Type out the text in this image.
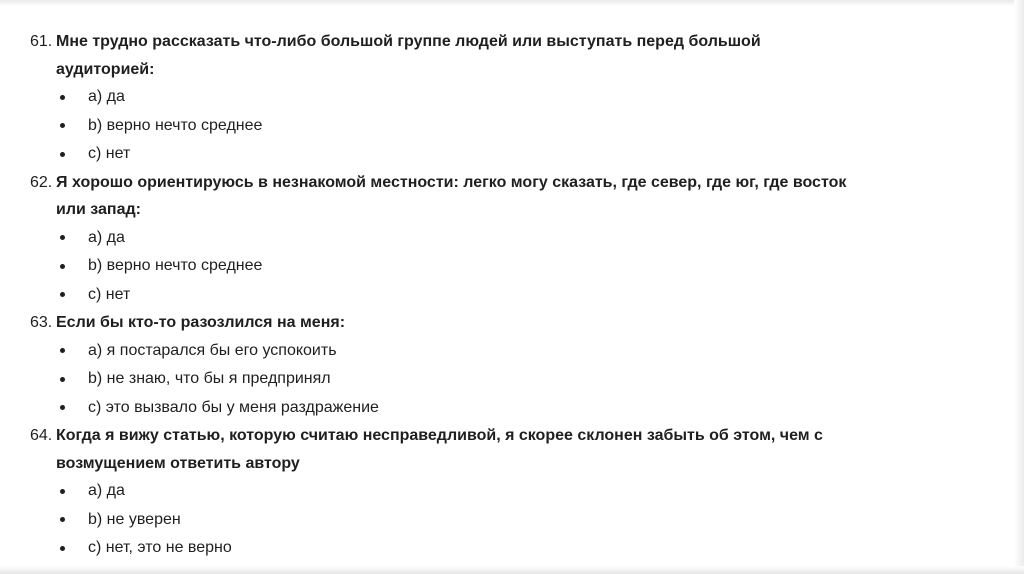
61. Мне трудно рассказать что-либо большой группе людей или выступать перед большой аудиторией:
a) да
b) верно нечто среднее
c) нет
62. Я хорошо ориентируюсь в незнакомой местности: легко могу сказать, где север, где юг, где восток или запад:
a) да
b) верно нечто среднее
c) нет
63. Если бы кто-то разозлился на меня:
a) я постарался бы его успокоить
b) не знаю, что бы я предпринял
c) это вызвало бы у меня раздражение
64. Когда я вижу статью, которую считаю несправедливой, я скорее склонен забыть об этом, чем с возмущением ответить автору
a) да
b) не уверен
c) нет, это не верно
